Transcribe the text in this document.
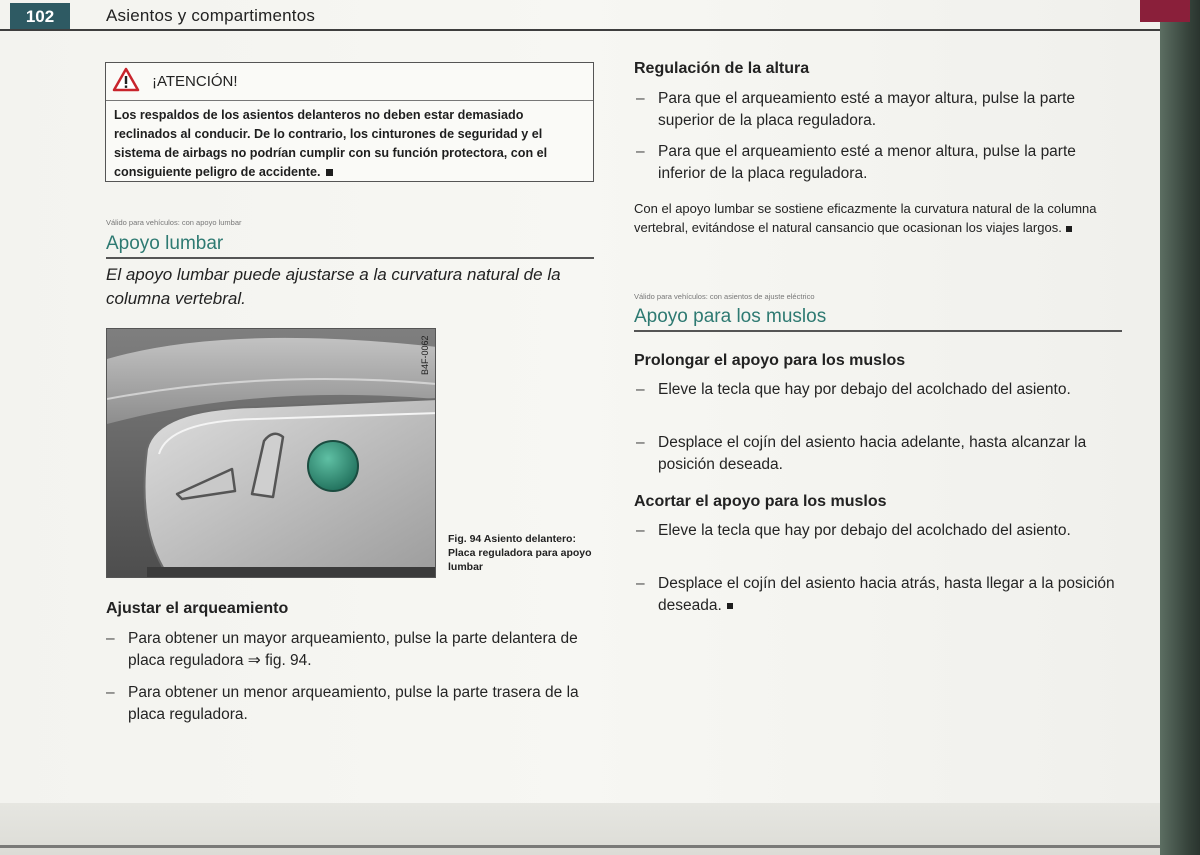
102	Asientos y compartimentos
¡ATENCIÓN!
Los respaldos de los asientos delanteros no deben estar demasiado reclinados al conducir. De lo contrario, los cinturones de seguridad y el sistema de airbags no podrían cumplir con su función protectora, con el consiguiente peligro de accidente.
Válido para vehículos: con apoyo lumbar
Apoyo lumbar
El apoyo lumbar puede ajustarse a la curvatura natural de la columna vertebral.
B4F-0062
Fig. 94 Asiento delantero: Placa reguladora para apoyo lumbar
Ajustar el arqueamiento
– Para obtener un mayor arqueamiento, pulse la parte delantera de placa reguladora ⇒ fig. 94.
– Para obtener un menor arqueamiento, pulse la parte trasera de la placa reguladora.
Regulación de la altura
– Para que el arqueamiento esté a mayor altura, pulse la parte superior de la placa reguladora.
– Para que el arqueamiento esté a menor altura, pulse la parte inferior de la placa reguladora.
Con el apoyo lumbar se sostiene eficazmente la curvatura natural de la columna vertebral, evitándose el natural cansancio que ocasionan los viajes largos.
Válido para vehículos: con asientos de ajuste eléctrico
Apoyo para los muslos
Prolongar el apoyo para los muslos
– Eleve la tecla que hay por debajo del acolchado del asiento.
– Desplace el cojín del asiento hacia adelante, hasta alcanzar la posición deseada.
Acortar el apoyo para los muslos
– Eleve la tecla que hay por debajo del acolchado del asiento.
– Desplace el cojín del asiento hacia atrás, hasta llegar a la posición deseada.
